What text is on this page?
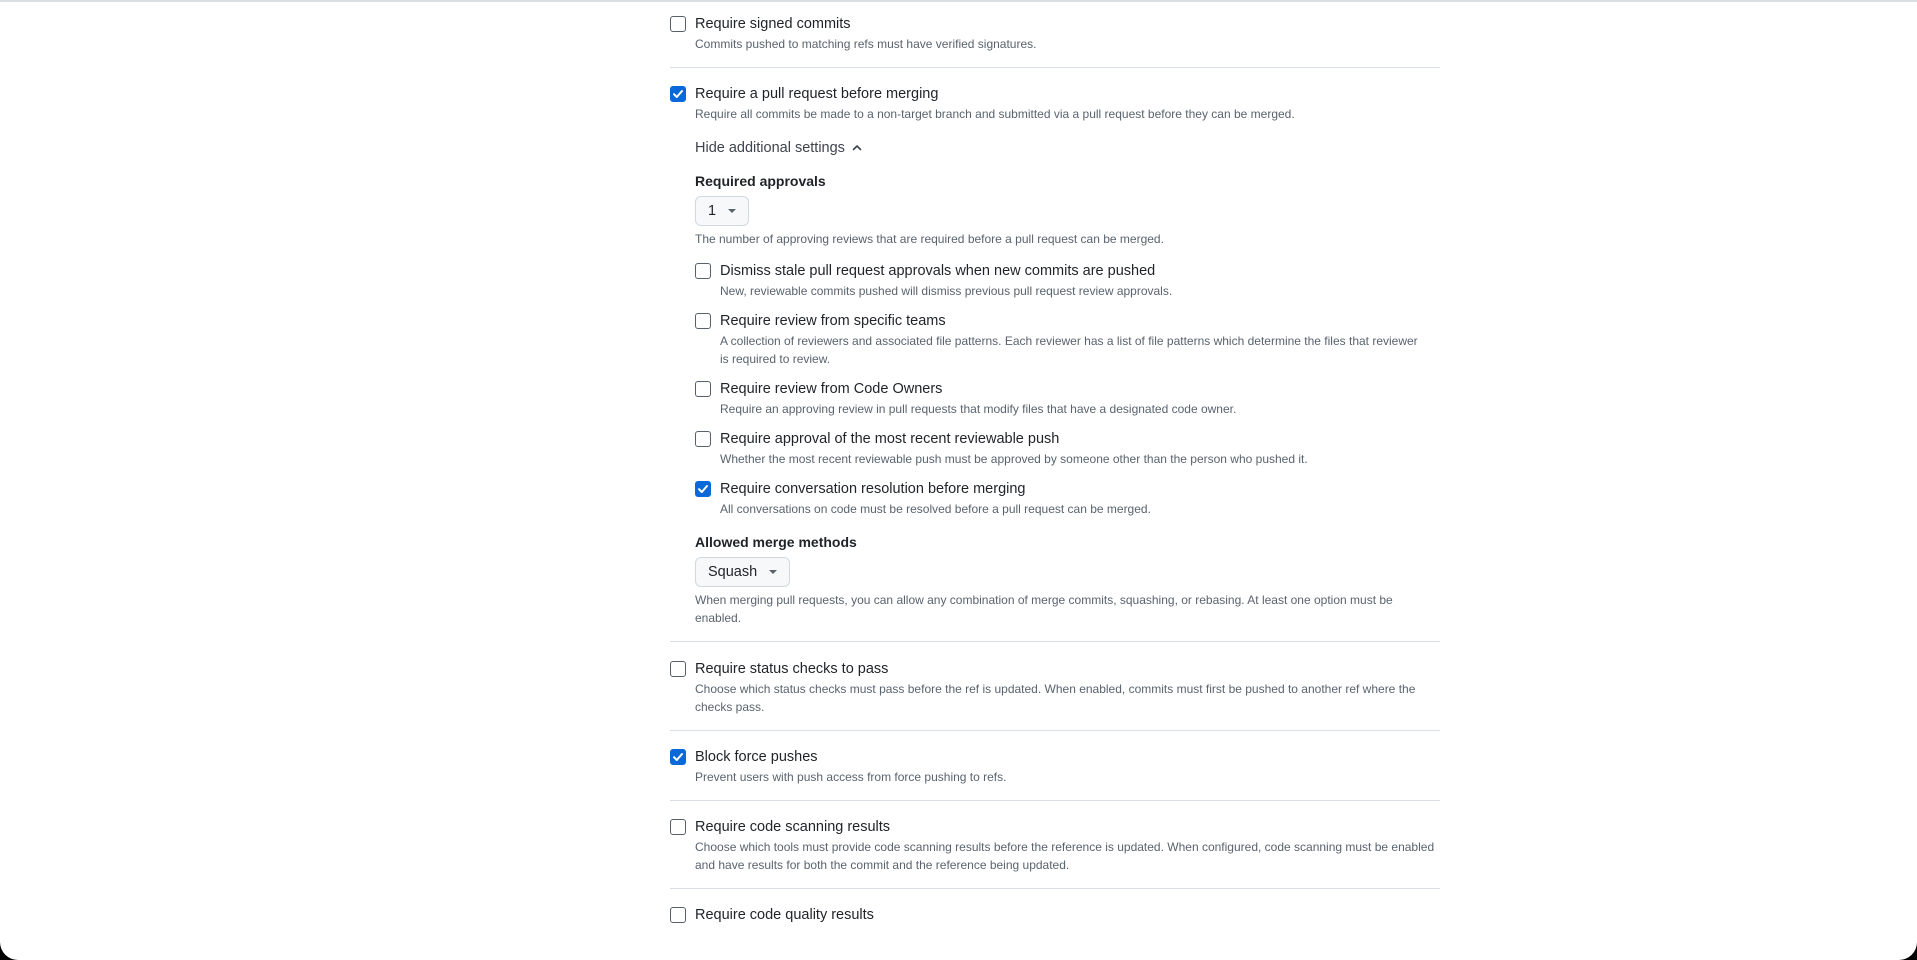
Require signed commits
Commits pushed to matching refs must have verified signatures.
Require a pull request before merging
Require all commits be made to a non-target branch and submitted via a pull request before they can be merged.
Hide additional settings
Required approvals
1
The number of approving reviews that are required before a pull request can be merged.
Dismiss stale pull request approvals when new commits are pushed
New, reviewable commits pushed will dismiss previous pull request review approvals.
Require review from specific teams
A collection of reviewers and associated file patterns. Each reviewer has a list of file patterns which determine the files that reviewer is required to review.
Require review from Code Owners
Require an approving review in pull requests that modify files that have a designated code owner.
Require approval of the most recent reviewable push
Whether the most recent reviewable push must be approved by someone other than the person who pushed it.
Require conversation resolution before merging
All conversations on code must be resolved before a pull request can be merged.
Allowed merge methods
Squash
When merging pull requests, you can allow any combination of merge commits, squashing, or rebasing. At least one option must be enabled.
Require status checks to pass
Choose which status checks must pass before the ref is updated. When enabled, commits must first be pushed to another ref where the checks pass.
Block force pushes
Prevent users with push access from force pushing to refs.
Require code scanning results
Choose which tools must provide code scanning results before the reference is updated. When configured, code scanning must be enabled and have results for both the commit and the reference being updated.
Require code quality results
